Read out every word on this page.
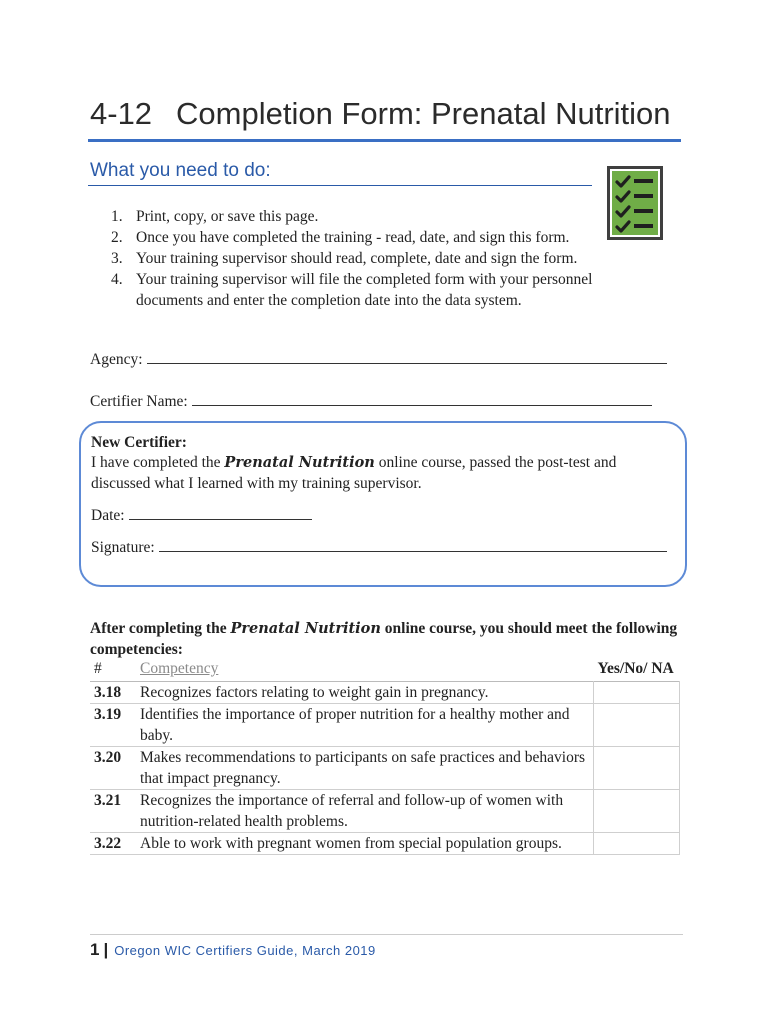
4-12 Completion Form: Prenatal Nutrition
What you need to do:
1. Print, copy, or save this page.
2. Once you have completed the training - read, date, and sign this form.
3. Your training supervisor should read, complete, date and sign the form.
4. Your training supervisor will file the completed form with your personnel documents and enter the completion date into the data system.
Agency:
Certifier Name:
New Certifier:
I have completed the Prenatal Nutrition online course, passed the post-test and
discussed what I learned with my training supervisor.
Date:
Signature:
After completing the Prenatal Nutrition online course, you should meet the following competencies:
#	Competency	Yes/No/ NA
3.18	Recognizes factors relating to weight gain in pregnancy.	
3.19	Identifies the importance of proper nutrition for a healthy mother and baby.	
3.20	Makes recommendations to participants on safe practices and behaviors that impact pregnancy.	
3.21	Recognizes the importance of referral and follow-up of women with nutrition-related health problems.	
3.22	Able to work with pregnant women from special population groups.	
1 | Oregon WIC Certifiers Guide, March 2019
